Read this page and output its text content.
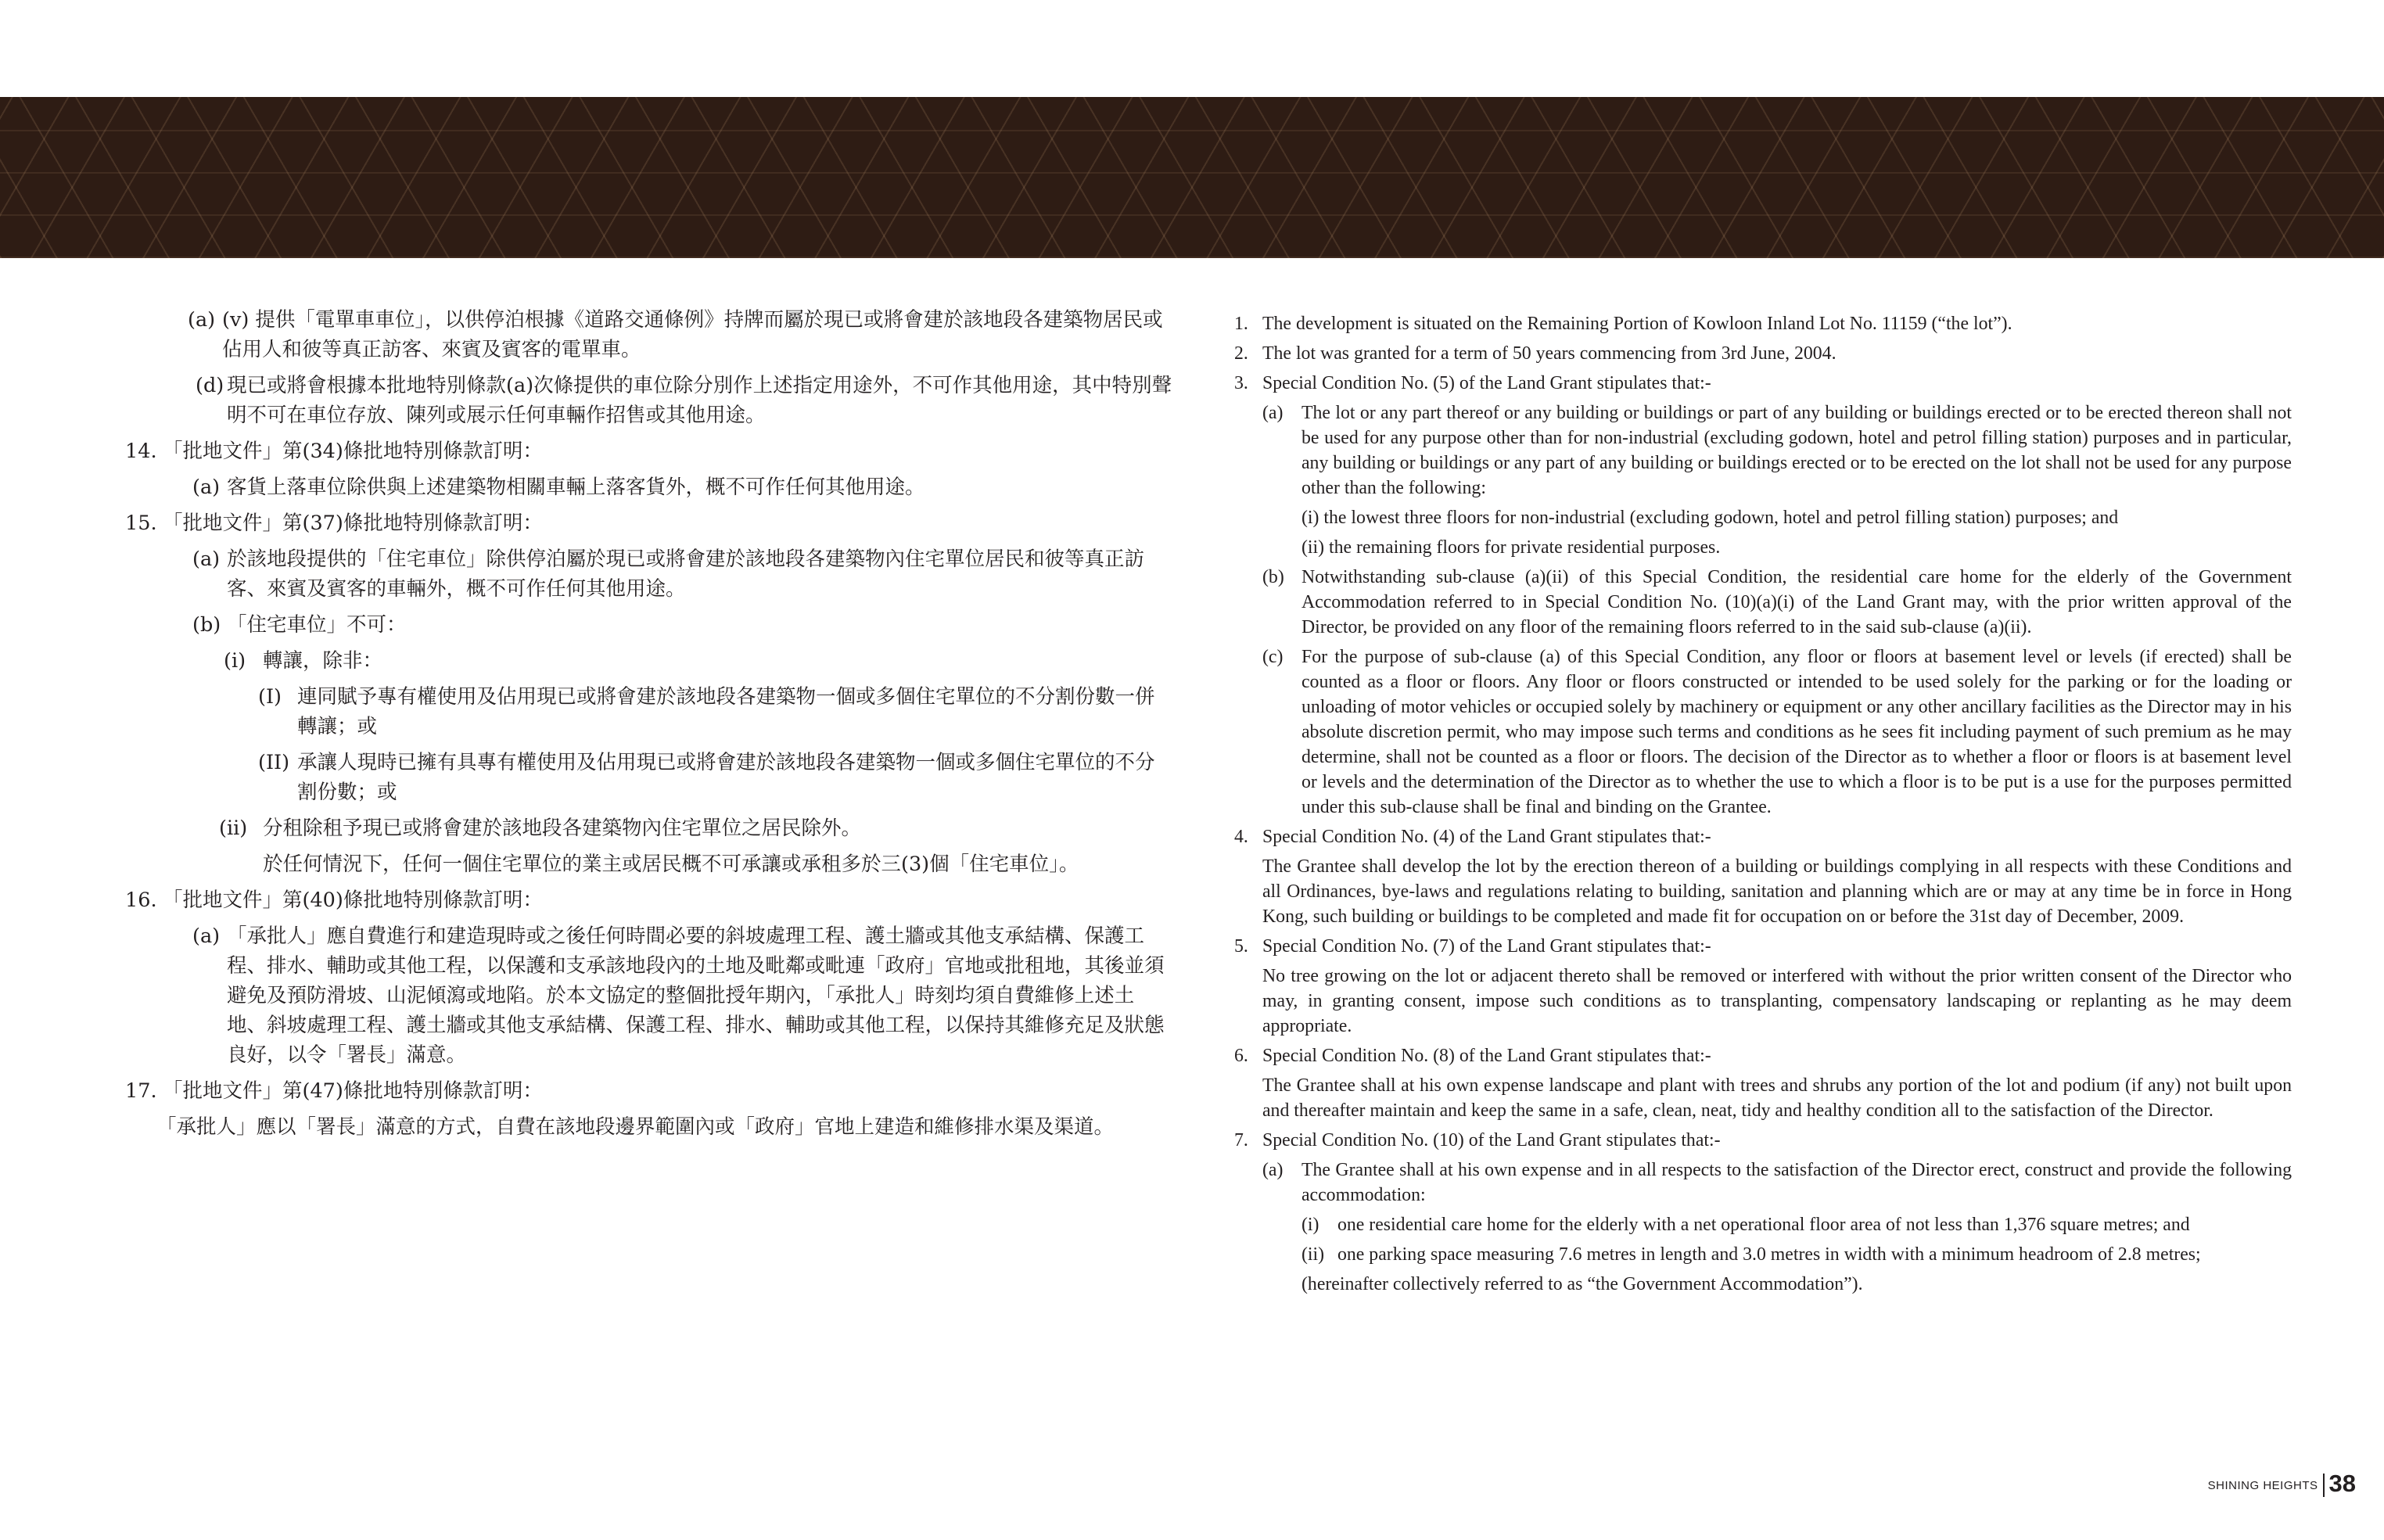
(a) (v) 提供「電單車車位」，以供停泊根據《道路交通條例》持牌而屬於現已或將會建於該地段各建築物居民或佔用人和彼等真正訪客、來賓及賓客的電單車。
(d) 現已或將會根據本批地特別條款(a)次條提供的車位除分別作上述指定用途外，不可作其他用途，其中特別聲明不可在車位存放、陳列或展示任何車輛作招售或其他用途。
14. 「批地文件」第(34)條批地特別條款訂明：
(a) 客貨上落車位除供與上述建築物相關車輛上落客貨外，概不可作任何其他用途。
15. 「批地文件」第(37)條批地特別條款訂明：
(a) 於該地段提供的「住宅車位」除供停泊屬於現已或將會建於該地段各建築物內住宅單位居民和彼等真正訪客、來賓及賓客的車輛外，概不可作任何其他用途。
(b) 「住宅車位」不可：
(i) 轉讓，除非：
(I) 連同賦予專有權使用及佔用現已或將會建於該地段各建築物一個或多個住宅單位的不分割份數一併轉讓；或
(II) 承讓人現時已擁有具專有權使用及佔用現已或將會建於該地段各建築物一個或多個住宅單位的不分割份數；或
(ii) 分租除租予現已或將會建於該地段各建築物內住宅單位之居民除外。
於任何情況下，任何一個住宅單位的業主或居民概不可承讓或承租多於三(3)個「住宅車位」。
16. 「批地文件」第(40)條批地特別條款訂明：
(a) 「承批人」應自費進行和建造現時或之後任何時間必要的斜坡處理工程、護土牆或其他支承結構、保護工程、排水、輔助或其他工程，以保護和支承該地段內的土地及毗鄰或毗連「政府」官地或批租地，其後並須避免及預防滑坡、山泥傾瀉或地陷。於本文協定的整個批授年期內，「承批人」時刻均須自費維修上述土地、斜坡處理工程、護土牆或其他支承結構、保護工程、排水、輔助或其他工程，以保持其維修充足及狀態良好，以令「署長」滿意。
17. 「批地文件」第(47)條批地特別條款訂明：
「承批人」應以「署長」滿意的方式，自費在該地段邊界範圍內或「政府」官地上建造和維修排水渠及渠道。
1. The development is situated on the Remaining Portion of Kowloon Inland Lot No. 11159 (“the lot”).
2. The lot was granted for a term of 50 years commencing from 3rd June, 2004.
3. Special Condition No. (5) of the Land Grant stipulates that:-
(a) The lot or any part thereof or any building or buildings or part of any building or buildings erected or to be erected thereon shall not be used for any purpose other than for non-industrial (excluding godown, hotel and petrol filling station) purposes and in particular, any building or buildings or any part of any building or buildings erected or to be erected on the lot shall not be used for any purpose other than the following:
(i) the lowest three floors for non-industrial (excluding godown, hotel and petrol filling station) purposes; and
(ii) the remaining floors for private residential purposes.
(b) Notwithstanding sub-clause (a)(ii) of this Special Condition, the residential care home for the elderly of the Government Accommodation referred to in Special Condition No. (10)(a)(i) of the Land Grant may, with the prior written approval of the Director, be provided on any floor of the remaining floors referred to in the said sub-clause (a)(ii).
(c) For the purpose of sub-clause (a) of this Special Condition, any floor or floors at basement level or levels (if erected) shall be counted as a floor or floors. Any floor or floors constructed or intended to be used solely for the parking or for the loading or unloading of motor vehicles or occupied solely by machinery or equipment or any other ancillary facilities as the Director may in his absolute discretion permit, who may impose such terms and conditions as he sees fit including payment of such premium as he may determine, shall not be counted as a floor or floors. The decision of the Director as to whether a floor or floors is at basement level or levels and the determination of the Director as to whether the use to which a floor is to be put is a use for the purposes permitted under this sub-clause shall be final and binding on the Grantee.
4. Special Condition No. (4) of the Land Grant stipulates that:-
The Grantee shall develop the lot by the erection thereon of a building or buildings complying in all respects with these Conditions and all Ordinances, bye-laws and regulations relating to building, sanitation and planning which are or may at any time be in force in Hong Kong, such building or buildings to be completed and made fit for occupation on or before the 31st day of December, 2009.
5. Special Condition No. (7) of the Land Grant stipulates that:-
No tree growing on the lot or adjacent thereto shall be removed or interfered with without the prior written consent of the Director who may, in granting consent, impose such conditions as to transplanting, compensatory landscaping or replanting as he may deem appropriate.
6. Special Condition No. (8) of the Land Grant stipulates that:-
The Grantee shall at his own expense landscape and plant with trees and shrubs any portion of the lot and podium (if any) not built upon and thereafter maintain and keep the same in a safe, clean, neat, tidy and healthy condition all to the satisfaction of the Director.
7. Special Condition No. (10) of the Land Grant stipulates that:-
(a) The Grantee shall at his own expense and in all respects to the satisfaction of the Director erect, construct and provide the following accommodation:
(i) one residential care home for the elderly with a net operational floor area of not less than 1,376 square metres; and
(ii) one parking space measuring 7.6 metres in length and 3.0 metres in width with a minimum headroom of 2.8 metres;
(hereinafter collectively referred to as “the Government Accommodation”).
SHINING HEIGHTS 38
